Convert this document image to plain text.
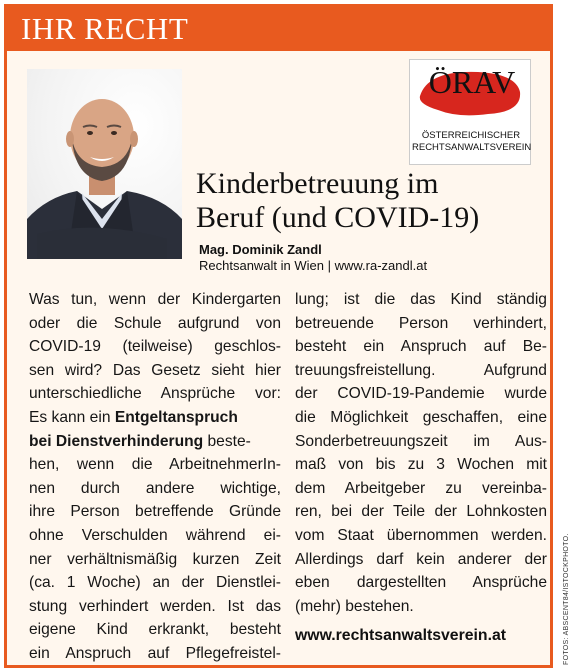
IHR RECHT
ÖRAV
ÖSTERREICHISCHER
RECHTSANWALTSVEREIN
Kinderbetreuung im
Beruf (und COVID-19)
Mag. Dominik Zandl
Rechtsanwalt in Wien | www.ra-zandl.at
Was tun, wenn der Kindergarten
oder die Schule aufgrund von
COVID-19 (teilweise) geschlos-
sen wird? Das Gesetz sieht hier
unterschiedliche Ansprüche vor:
Es kann ein Entgeltanspruch
bei Dienstverhinderung beste-
hen, wenn die ArbeitnehmerIn-
nen durch andere wichtige,
ihre Person betreffende Gründe
ohne Verschulden während ei-
ner verhältnismäßig kurzen Zeit
(ca. 1 Woche) an der Dienstlei-
stung verhindert werden. Ist das
eigene Kind erkrankt, besteht
ein Anspruch auf Pflegefreistel-
lung; ist die das Kind ständig
betreuende Person verhindert,
besteht ein Anspruch auf Be-
treuungsfreistellung. Aufgrund
der COVID-19-Pandemie wurde
die Möglichkeit geschaffen, eine
Sonderbetreuungszeit im Aus-
maß von bis zu 3 Wochen mit
dem Arbeitgeber zu vereinba-
ren, bei der Teile der Lohnkosten
vom Staat übernommen werden.
Allerdings darf kein anderer der
eben dargestellten Ansprüche
(mehr) bestehen.
www.rechtsanwaltsverein.at	FOTOS: ABSCENT84/ISTOCKPHOTO.
